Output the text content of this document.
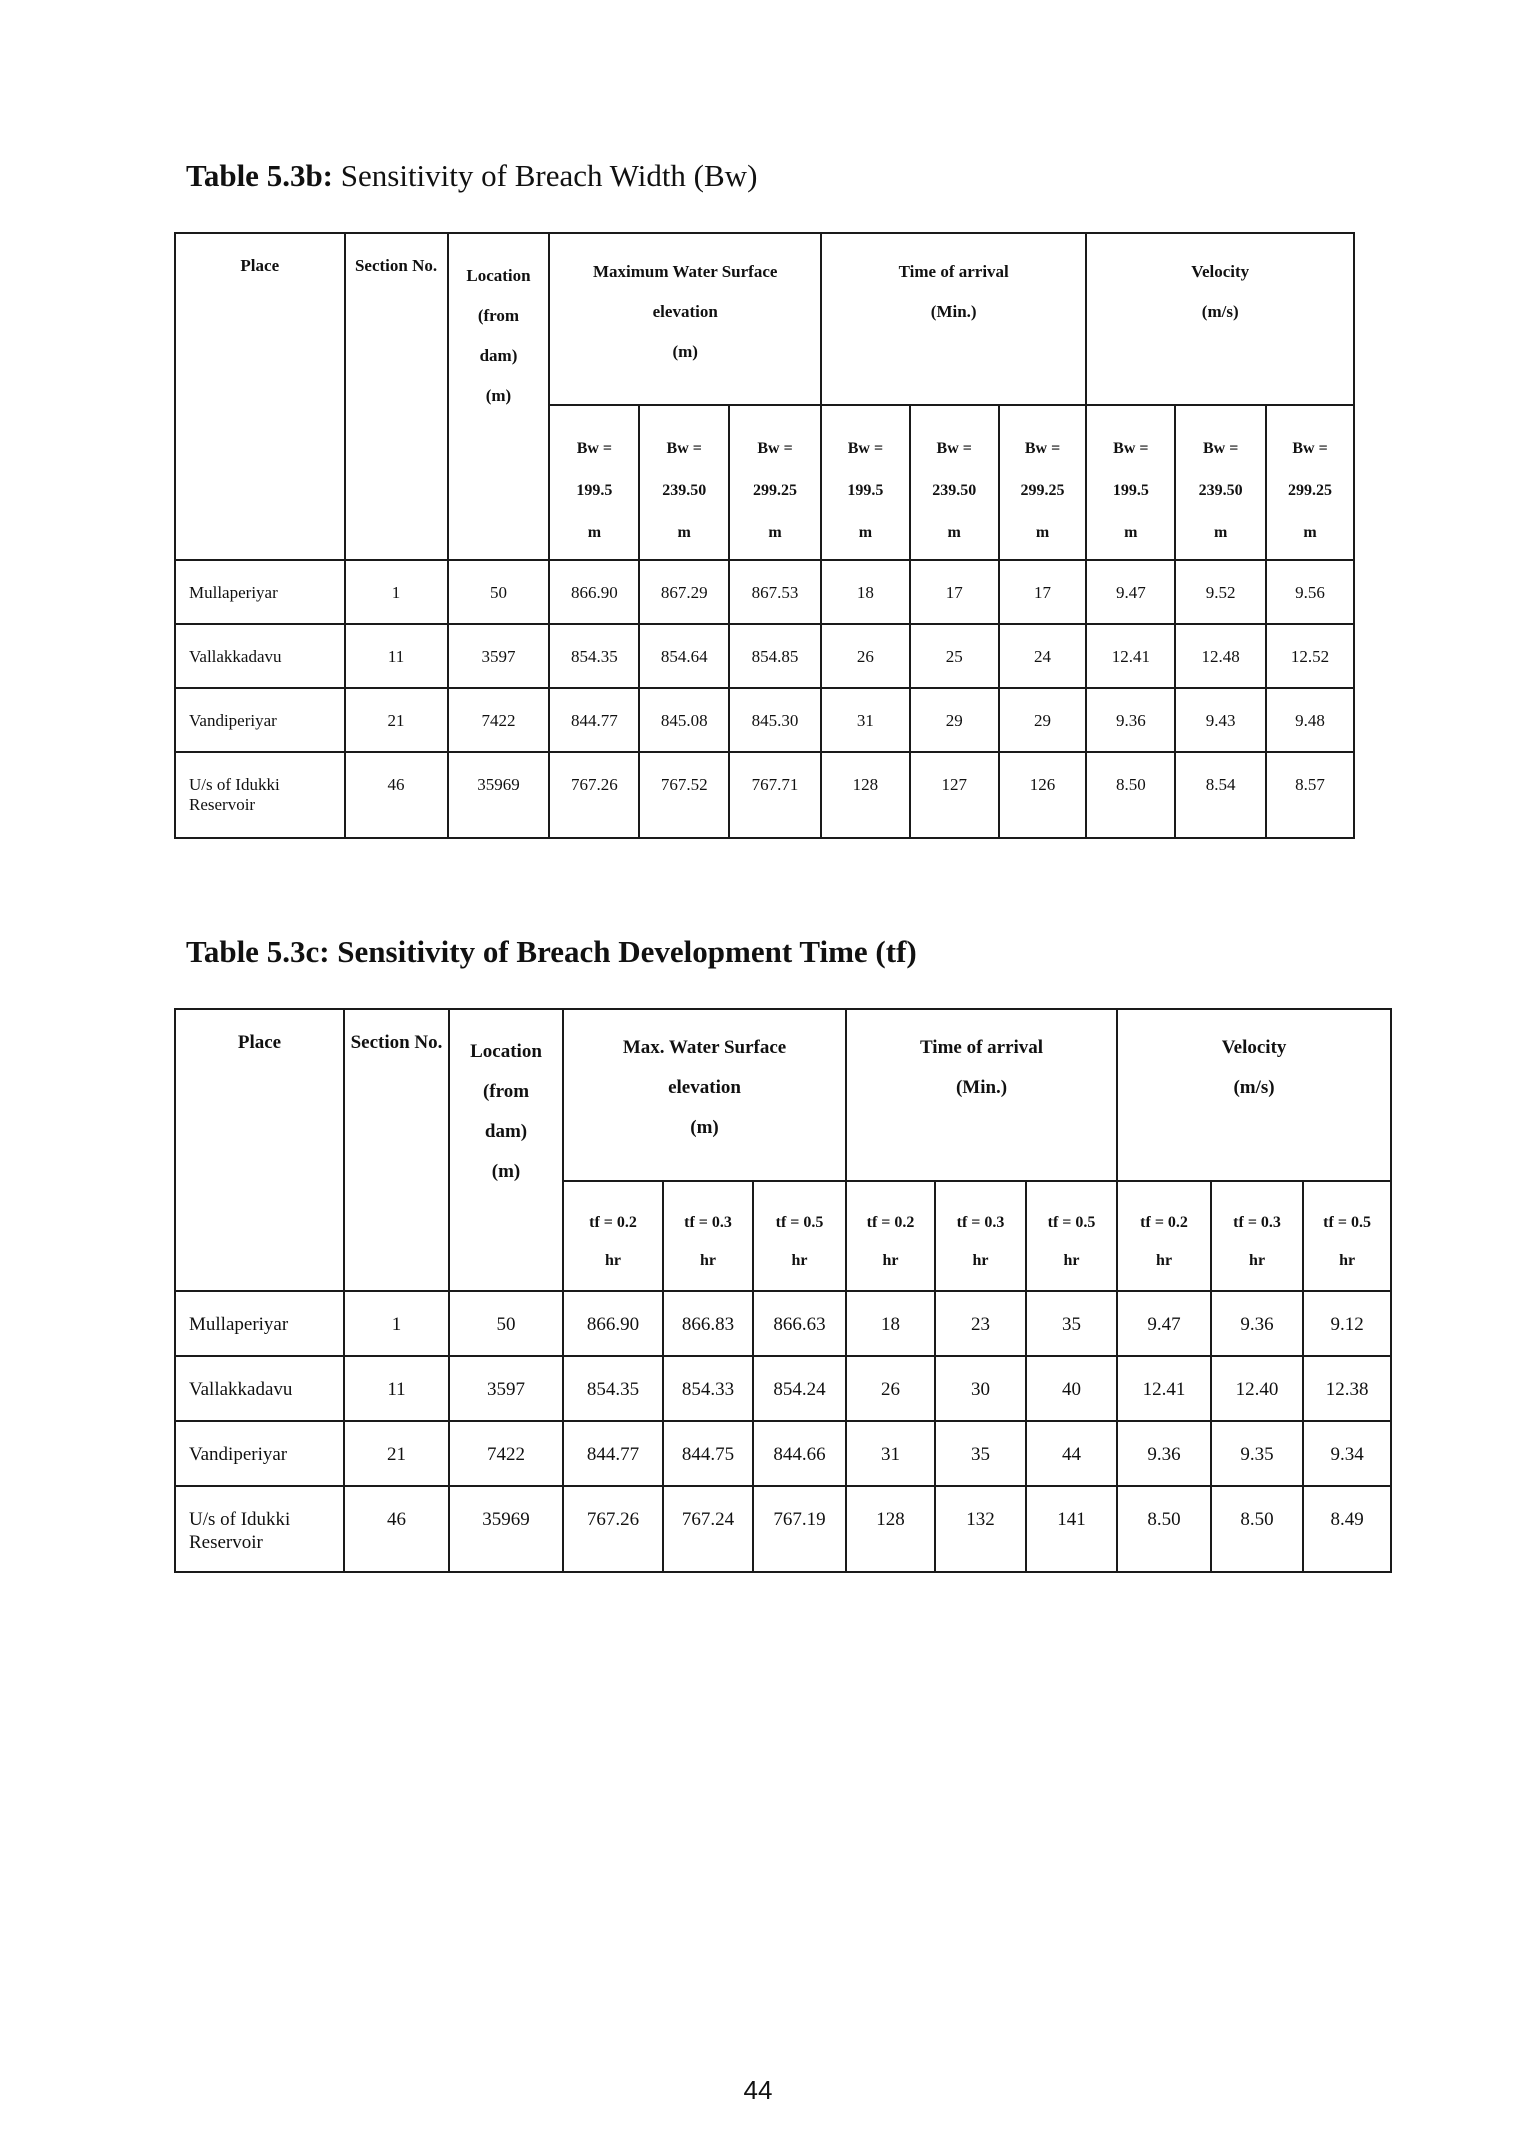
Table 5.3b: Sensitivity of Breach Width (Bw)
Place	Section No.	Location
(from
dam)
(m)	Maximum Water Surface
elevation
(m)			Time of arrival
(Min.)			Velocity
(m/s)		

			Bw =
199.5
m	Bw =
239.50
m	Bw =
299.25
m	Bw =
199.5
m	Bw =
239.50
m	Bw =
299.25
m	Bw =
199.5
m	Bw =
239.50
m	Bw =
299.25
m

Mullaperiyar	1	50	866.90	867.29	867.53	18	17	17	9.47	9.52	9.56
Vallakkadavu	11	3597	854.35	854.64	854.85	26	25	24	12.41	12.48	12.52
Vandiperiyar	21	7422	844.77	845.08	845.30	31	29	29	9.36	9.43	9.48
U/s of Idukki Reservoir	46	35969	767.26	767.52	767.71	128	127	126	8.50	8.54	8.57
Table 5.3c: Sensitivity of Breach Development Time (tf)
Place	Section No.	Location
(from
dam)
(m)	Max. Water Surface
elevation
(m)			Time of arrival
(Min.)			Velocity
(m/s)		

			tf = 0.2
hr	tf = 0.3
hr	tf = 0.5
hr	tf = 0.2
hr	tf = 0.3
hr	tf = 0.5
hr	tf = 0.2
hr	tf = 0.3
hr	tf = 0.5
hr

Mullaperiyar	1	50	866.90	866.83	866.63	18	23	35	9.47	9.36	9.12
Vallakkadavu	11	3597	854.35	854.33	854.24	26	30	40	12.41	12.40	12.38
Vandiperiyar	21	7422	844.77	844.75	844.66	31	35	44	9.36	9.35	9.34
U/s of Idukki Reservoir	46	35969	767.26	767.24	767.19	128	132	141	8.50	8.50	8.49
44
